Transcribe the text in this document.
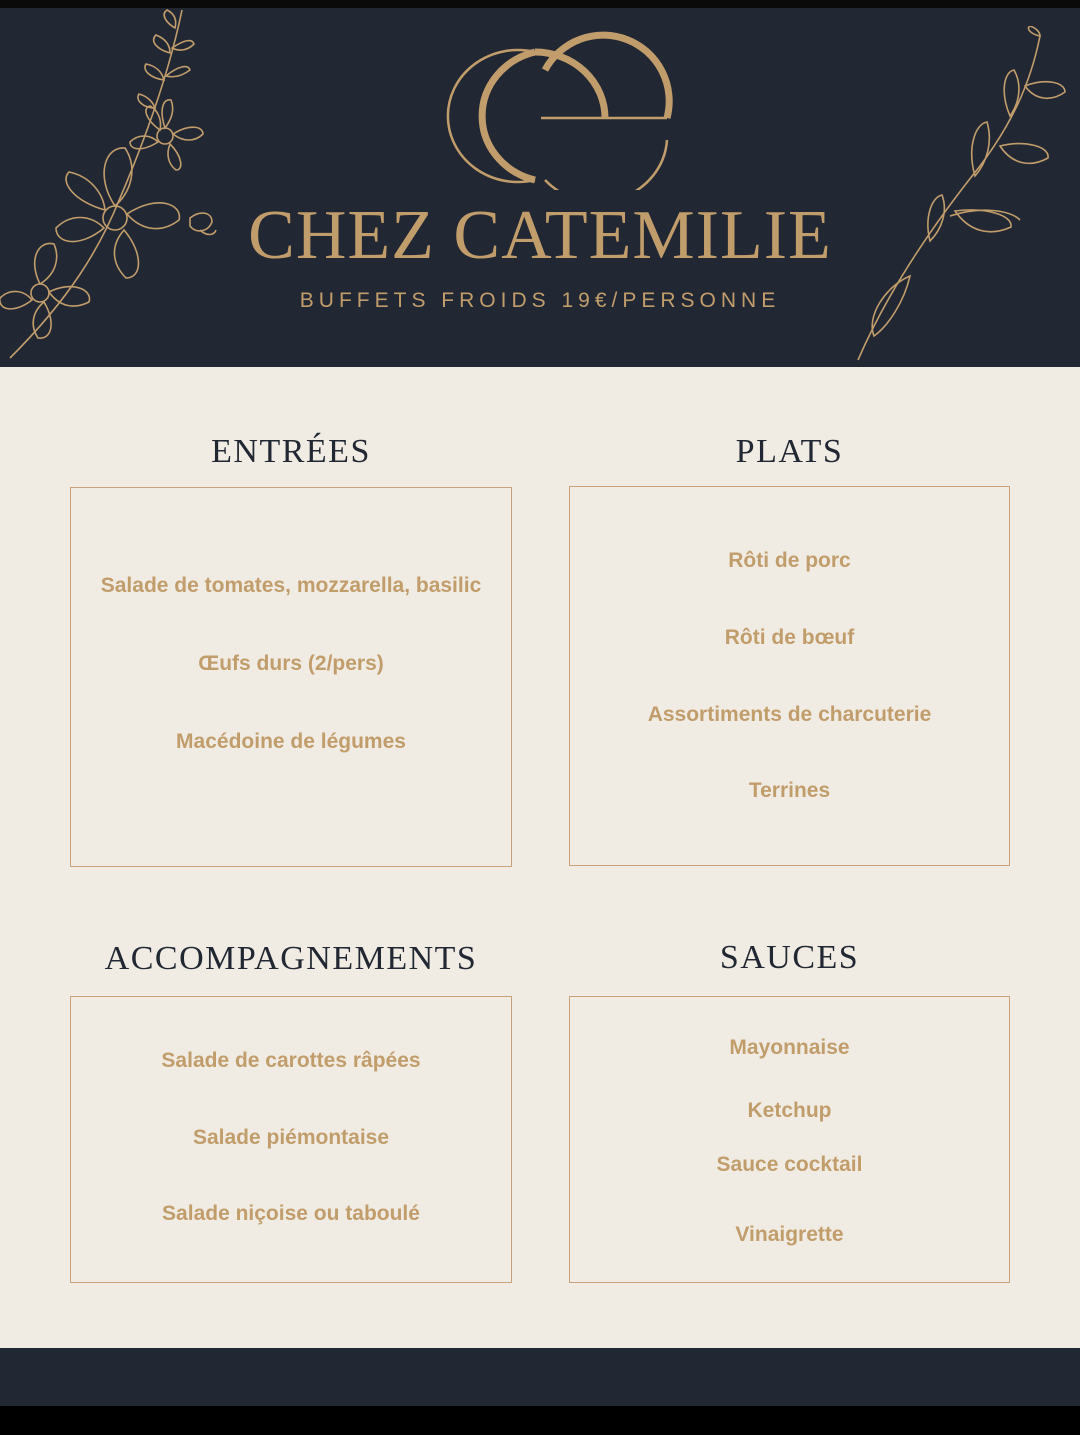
CHEZ CATEMILIE
BUFFETS FROIDS 19€/PERSONNE
ENTRÉES
Salade de tomates, mozzarella, basilic
Œufs durs (2/pers)
Macédoine de légumes
PLATS
Rôti de porc
Rôti de bœuf
Assortiments de charcuterie
Terrines
ACCOMPAGNEMENTS
Salade de carottes râpées
Salade piémontaise
Salade niçoise ou taboulé
SAUCES
Mayonnaise
Ketchup
Sauce cocktail
Vinaigrette
